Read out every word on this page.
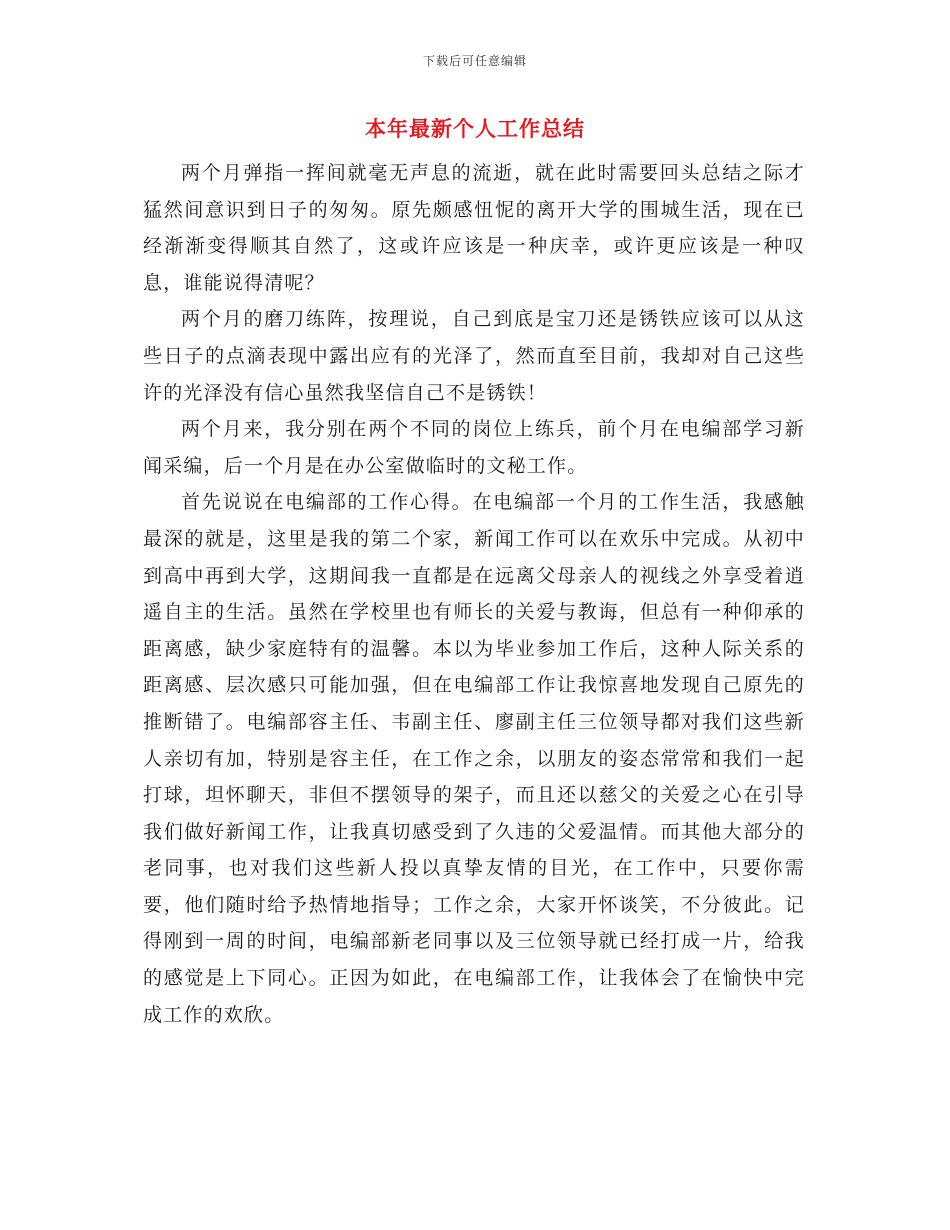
下载后可任意编辑
本年最新个人工作总结

两个月弹指一挥间就毫无声息的流逝，就在此时需要回头总结之际才猛然间意识到日子的匆匆。原先颇感忸怩的离开大学的围城生活，现在已经渐渐变得顺其自然了，这或许应该是一种庆幸，或许更应该是一种叹息，谁能说得清呢？

两个月的磨刀练阵，按理说，自己到底是宝刀还是锈铁应该可以从这些日子的点滴表现中露出应有的光泽了，然而直至目前，我却对自己这些许的光泽没有信心虽然我坚信自己不是锈铁！

两个月来，我分别在两个不同的岗位上练兵，前个月在电编部学习新闻采编，后一个月是在办公室做临时的文秘工作。

首先说说在电编部的工作心得。在电编部一个月的工作生活，我感触最深的就是，这里是我的第二个家，新闻工作可以在欢乐中完成。从初中到高中再到大学，这期间我一直都是在远离父母亲人的视线之外享受着逍遥自主的生活。虽然在学校里也有师长的关爱与教诲，但总有一种仰承的距离感，缺少家庭特有的温馨。本以为毕业参加工作后，这种人际关系的距离感、层次感只可能加强，但在电编部工作让我惊喜地发现自己原先的推断错了。电编部容主任、韦副主任、廖副主任三位领导都对我们这些新人亲切有加，特别是容主任，在工作之余，以朋友的姿态常常和我们一起打球，坦怀聊天，非但不摆领导的架子，而且还以慈父的关爱之心在引导我们做好新闻工作，让我真切感受到了久违的父爱温情。而其他大部分的老同事，也对我们这些新人投以真挚友情的目光，在工作中，只要你需要，他们随时给予热情地指导；工作之余，大家开怀谈笑，不分彼此。记得刚到一周的时间，电编部新老同事以及三位领导就已经打成一片，给我的感觉是上下同心。正因为如此，在电编部工作，让我体会了在愉快中完成工作的欢欣。
